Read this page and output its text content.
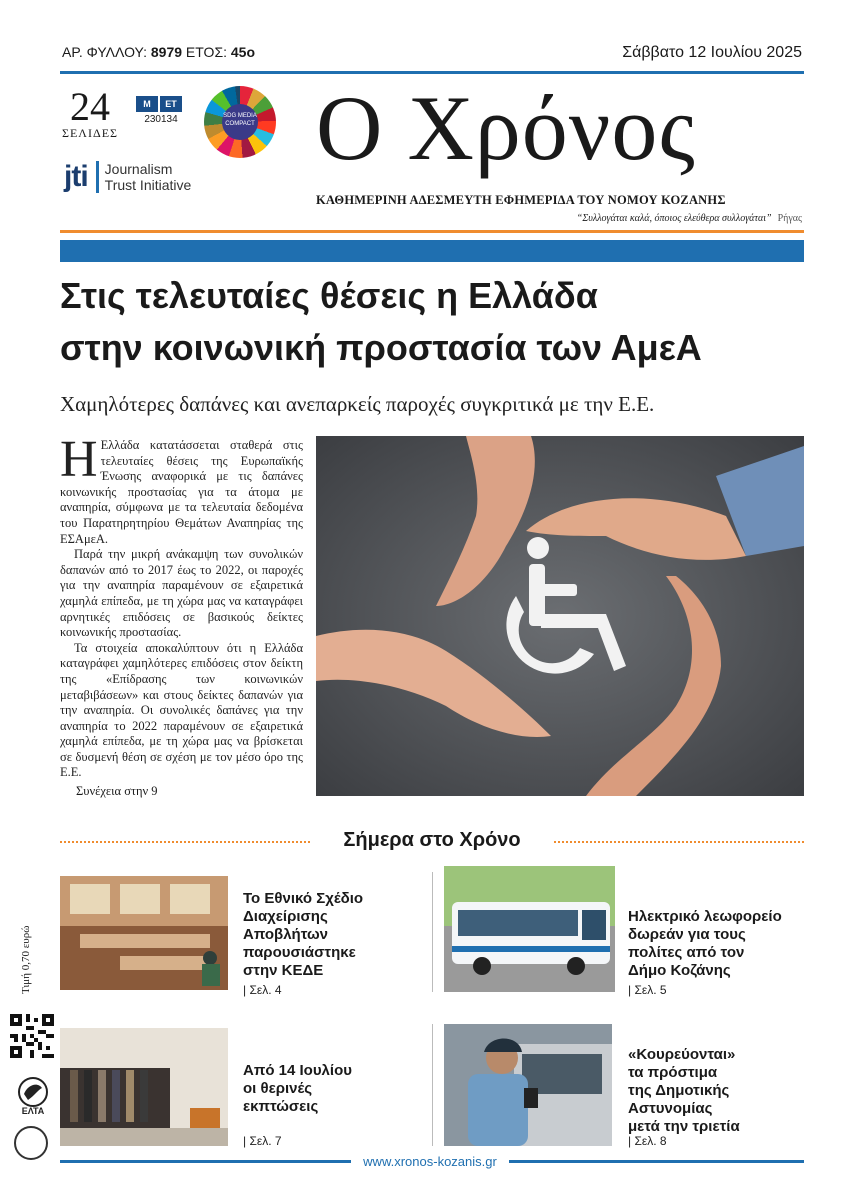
ΑΡ. ΦΥΛΛΟΥ: 8979 ΕΤΟΣ: 45ο	Σάββατο 12 Ιουλίου 2025
24
ΣΕΛΙΔΕΣ
Μ	ΕΤ
230134	SDG MEDIA COMPACT
jti Journalism
Trust Initiative
Ο Χρόνος
ΚΑΘΗΜΕΡΙΝΗ ΑΔΕΣΜΕΥΤΗ ΕΦΗΜΕΡΙΔΑ ΤΟΥ ΝΟΜΟΥ ΚΟΖΑΝΗΣ
“Συλλογάται καλά, όποιος ελεύθερα συλλογάται” Ρήγας
Στις τελευταίες θέσεις η Ελλάδα
στην κοινωνική προστασία των ΑμεΑ
Χαμηλότερες δαπάνες και ανεπαρκείς παροχές συγκριτικά με την Ε.Ε.

Η Ελλάδα κατατάσσεται σταθερά στις τελευταίες θέσεις της Ευρωπαϊκής Ένωσης αναφορικά με τις δαπάνες κοινωνικής προστασίας για τα άτομα με αναπηρία, σύμφωνα με τα τελευταία δεδομένα του Παρατηρητηρίου Θεμάτων Αναπηρίας της ΕΣΑμεΑ.

Παρά την μικρή ανάκαμψη των συνολικών δαπανών από το 2017 έως το 2022, οι παροχές για την αναπηρία παραμένουν σε εξαιρετικά χαμηλά επίπεδα, με τη χώρα μας να καταγράφει αρνητικές επιδόσεις σε βασικούς δείκτες κοινωνικής προστασίας.

Τα στοιχεία αποκαλύπτουν ότι η Ελλάδα καταγράφει χαμηλότερες επιδόσεις στον δείκτη της «Επίδρασης των κοινωνικών μεταβιβάσεων» και στους δείκτες δαπανών για την αναπηρία. Οι συνολικές δαπάνες για την αναπηρία το 2022 παραμένουν σε εξαιρετικά χαμηλά επίπεδα, με τη χώρα μας να βρίσκεται σε δυσμενή θέση σε σχέση με τον μέσο όρο της Ε.Ε.

Συνέχεια στην 9
Σήμερα στο Χρόνο
Τιμή 0,70 ευρώ
ΕΛΤΑ
Το Εθνικό Σχέδιο
Διαχείρισης
Αποβλήτων
παρουσιάστηκε
στην ΚΕΔΕ
| Σελ. 4
Ηλεκτρικό λεωφορείο
δωρεάν για τους
πολίτες από τον
Δήμο Κοζάνης
| Σελ. 5
Από 14 Ιουλίου
οι θερινές
εκπτώσεις
| Σελ. 7
«Κουρεύονται»
τα πρόστιμα
της Δημοτικής
Αστυνομίας
μετά την τριετία
| Σελ. 8
www.xronos-kozanis.gr
